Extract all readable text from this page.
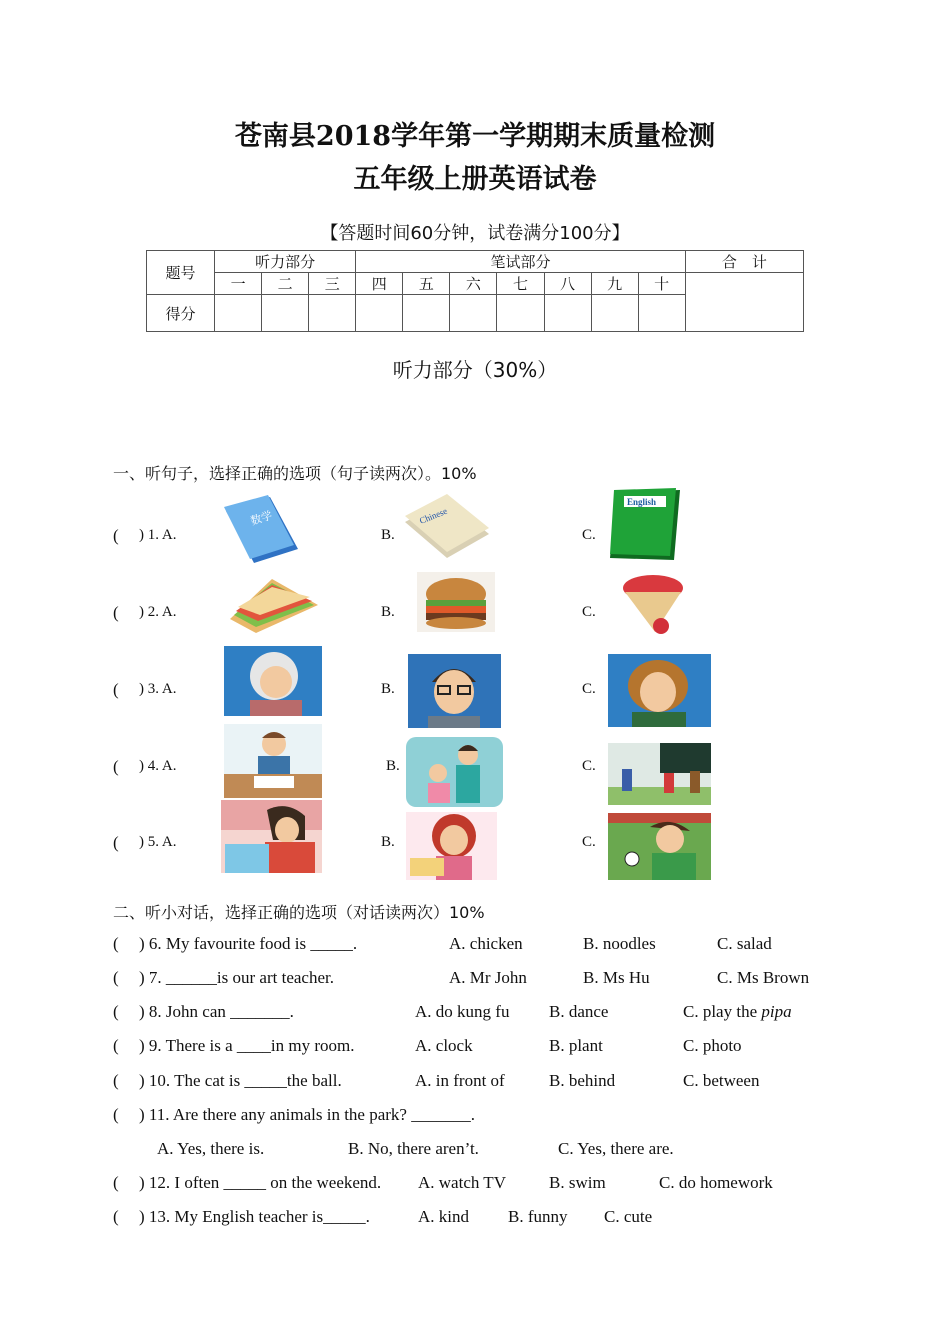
苍南县2018学年第一学期期末质量检测
五年级上册英语试卷
【答题时间60分钟，试卷满分100分】
题号	听力部分			笔试部分							合　计
	一	二	三	四	五	六	七	八	九	十	
得分											
听力部分（30%）
一、听句子，选择正确的选项（句子读两次）。10%
( ) 1. A.
数学
B.
Chinese
C.
English
( ) 2. A.	B.	C.
( ) 3. A.	B.	C.
( ) 4. A.	B.	C.
( ) 5. A.	B.	C.
二、听小对话，选择正确的选项（对话读两次）10%
( ) 6. My favourite food is _____.	A. chicken	B. noodles	C. salad
( ) 7. ______is our art teacher.	A. Mr John	B. Ms Hu	C. Ms Brown
( ) 8. John can _______.	A. do kung fu B. dance	C. play the pipa
( ) 9. There is a ____in my room.	A. clock	B. plant	C. photo
( ) 10. The cat is _____the ball.	A. in front of	B. behind	C. between
( ) 11. Are there any animals in the park? _______.
A. Yes, there is.	B. No, there aren’t.	C. Yes, there are.
( ) 12. I often _____ on the weekend. A. watch TV	B. swim	C. do homework
( ) 13. My English teacher is_____.	A. kind B. funny C. cute
